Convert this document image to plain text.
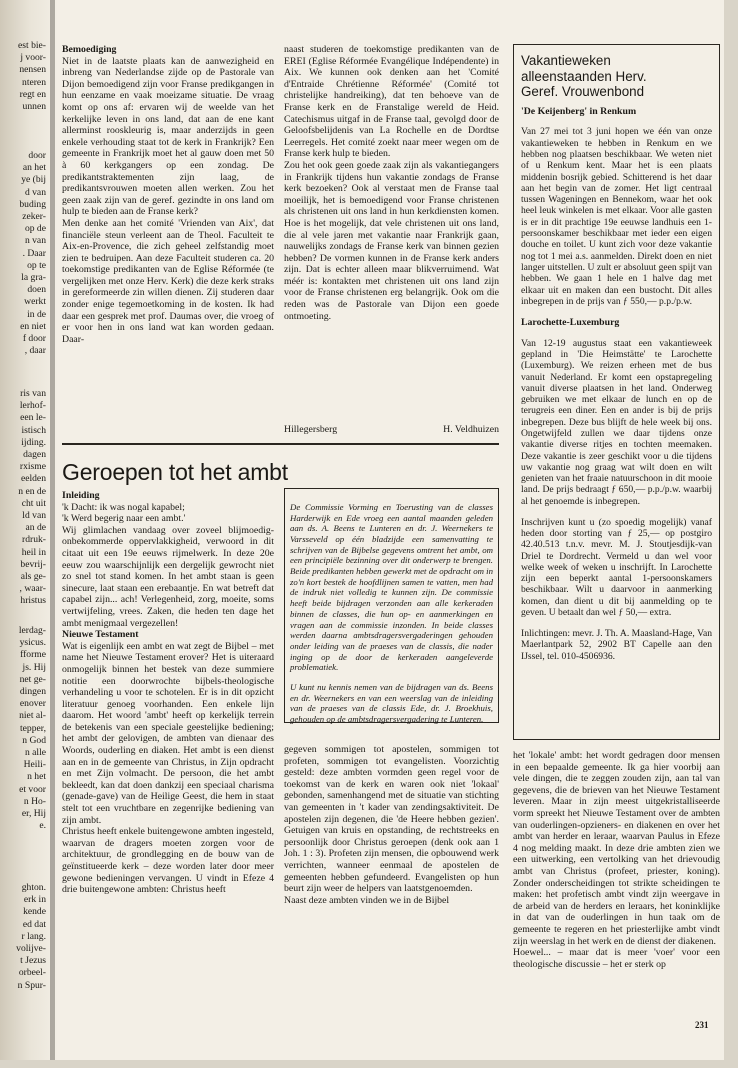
est bie-
j voor-
nensen
nteren
regt en
unnen
door
an het
ye (bij
d van
buding
zeker-
op de
n van
. Daar
op te
la gra-
doen
werkt
in de
en niet
f door
, daar
ris van
lerhof-
een le-
istisch
ijding.
dagen
rxisme
eelden
n en de
cht uit
ld van
an de
rdruk-
heil in
bevrij-
als ge-
, waar-
hristus
lerdag-
ysicus.
fforme
js. Hij
net ge-
dingen
enover
niet al-
tepper,
n God
n alle
Heili-
n het
et voor
n Ho-
er, Hij
e.
ghton.
erk in
kende
ed dat
r lang.
volijve-
t Jezus
orbeel-
n Spur-

Bemoediging

Niet in de laatste plaats kan de aanwezigheid en inbreng van Nederlandse zijde op de Pastorale van Dijon bemoedigend zijn voor Franse predikgangen in hun eenzame en vaak moeizame situatie. De vraag komt op ons af: ervaren wij de weelde van het kerkelijke leven in ons land, dat aan de ene kant allerminst rooskleurig is, maar anderzijds in geen enkele verhouding staat tot de kerk in Frankrijk? Een gemeente in Frankrijk moet het al gauw doen met 50 à 60 kerkgangers op een zondag. De predikantstraktementen zijn laag, de predikantsvrouwen moeten allen werken. Zou het geen zaak zijn van de geref. gezindte in ons land om hulp te bieden aan de Franse kerk?

Men denke aan het comité 'Vrienden van Aix', dat financiële steun verleent aan de Theol. Faculteit te Aix-en-Provence, die zich geheel zelfstandig moet zien te bedruipen. Aan deze Faculteit studeren ca. 20 toekomstige predikanten van de Eglise Réformée (te vergelijken met onze Herv. Kerk) die deze kerk straks in gereformeerde zin willen dienen. Zij studeren daar zonder enige tegemoetkoming in de kosten. Ik had daar een gesprek met prof. Daumas over, die vroeg of er voor hen in ons land wat kan worden gedaan. Daar-

naast studeren de toekomstige predikanten van de EREI (Eglise Réformée Evangélique Indépendente) in Aix. We kunnen ook denken aan het 'Comité d'Entraide Chrétienne Réformée' (Comité tot christelijke handreiking), dat ten behoeve van de Franse kerk en de Franstalige wereld de Heid. Catechismus uitgaf in de Franse taal, gevolgd door de Geloofsbelijdenis van La Rochelle en de Dordtse Leerregels. Het comité zoekt naar meer wegen om de Franse kerk hulp te bieden.

Zou het ook geen goede zaak zijn als vakantiegangers in Frankrijk tijdens hun vakantie zondags de Franse kerk bezoeken? Ook al verstaat men de Franse taal moeilijk, het is bemoedigend voor Franse christenen als christenen uit ons land in hun kerkdiensten komen. Hoe is het mogelijk, dat vele christenen uit ons land, die al vele jaren met vakantie naar Frankrijk gaan, nauwelijks zondags de Franse kerk van binnen gezien hebben? De vormen kunnen in de Franse kerk anders zijn. Dat is echter alleen maar blikverruimend. Wat méér is: kontakten met christenen uit ons land zijn voor de Franse christenen erg belangrijk. Ook om die reden was de Pastorale van Dijon een goede ontmoeting.

Hillegersberg	H. Veldhuizen
Vakantieweken
alleenstaanden Herv.
Geref. Vrouwenbond

'De Keijenberg' in Renkum

Van 27 mei tot 3 juni hopen we één van onze vakantieweken te hebben in Renkum en we hebben nog plaatsen beschikbaar. We weten niet of u Renkum kent. Maar het is een plaats middenin bosrijk gebied. Schitterend is het daar aan het begin van de zomer. Het ligt centraal tussen Wageningen en Bennekom, waar het ook heel leuk winkelen is met elkaar. Voor alle gasten is er in dit prachtige 19e eeuwse landhuis een 1-persoonskamer beschikbaar met ieder een eigen douche en toilet. U kunt zich voor deze vakantie nog tot 1 mei a.s. aanmelden. Direkt doen en niet langer uitstellen. U zult er absoluut geen spijt van hebben. We gaan 1 hele en 1 halve dag met elkaar uit en maken dan een bustocht. Dit alles inbegrepen in de prijs van ƒ 550,— p.p./p.w.

Larochette-Luxemburg

Van 12-19 augustus staat een vakantieweek gepland in 'Die Heimstätte' te Larochette (Luxemburg). We reizen erheen met de bus vanuit Nederland. Er komt een opstapregeling vanuit diverse plaatsen in het land. Onderweg gebruiken we met elkaar de lunch en op de terugreis een diner. Een en ander is bij de prijs inbegrepen. Deze bus blijft de hele week bij ons. Ongetwijfeld zullen we daar tijdens onze vakantie diverse ritjes en tochten meemaken. Deze vakantie is zeer geschikt voor u die tijdens uw vakantie nog graag wat wilt doen en wilt genieten van het fraaie natuurschoon in dit mooie land. De prijs bedraagt ƒ 650,— p.p./p.w. waarbij al het genoemde is inbegrepen.

Inschrijven kunt u (zo spoedig mogelijk) vanaf heden door storting van ƒ 25,— op postgiro 42.40.513 t.n.v. mevr. M. J. Stoutjesdijk-van Driel te Dordrecht. Vermeld u dan wel voor welke week of weken u inschrijft. In Larochette zijn een beperkt aantal 1-persoonskamers beschikbaar. Wilt u daarvoor in aanmerking komen, dan dient u dit bij aanmelding op te geven. U betaalt dan wel ƒ 50,— extra.

Inlichtingen: mevr. J. Th. A. Maasland-Hage, Van Maerlantpark 52, 2902 BT Capelle aan den IJssel, tel. 010-4506936.

Geroepen tot het ambt

Inleiding

'k Dacht: ik was nogal kapabel;

'k Werd begerig naar een ambt.'

Wij glimlachen vandaag over zoveel blijmoedig-onbekommerde oppervlakkigheid, verwoord in dit citaat uit een 19e eeuws rijmelwerk. In deze 20e eeuw zou waarschijnlijk een dergelijk gewrocht niet zo snel tot stand komen. In het ambt staan is geen sinecure, laat staan een erebaantje. En wat betreft dat capabel zijn... ach! Verlegenheid, zorg, moeite, soms vertwijfeling, vrees. Zaken, die heden ten dage het ambt menigmaal vergezellen!

Nieuwe Testament

Wat is eigenlijk een ambt en wat zegt de Bijbel – met name het Nieuwe Testament erover? Het is uiteraard onmogelijk binnen het bestek van deze summiere notitie een doorwrochte bijbels-theologische verhandeling u voor te schotelen. Er is in dit opzicht literatuur genoeg voorhanden. Een enkele lijn daarom. Het woord 'ambt' heeft op kerkelijk terrein de betekenis van een speciale geestelijke bediening; het ambt der gelovigen, de ambten van dienaar des Woords, ouderling en diaken. Het ambt is een dienst aan en in de gemeente van Christus, in Zijn opdracht en met Zijn volmacht. De persoon, die het ambt bekleedt, kan dat doen dankzij een speciaal charisma (genade-gave) van de Heilige Geest, die hem in staat stelt tot een vruchtbare en zegenrijke bediening van zijn ambt.

Christus heeft enkele buitengewone ambten ingesteld, waarvan de dragers moeten zorgen voor de architektuur, de grondlegging en de bouw van de geïnstitueerde kerk – deze worden later door meer gewone bedieningen vervangen. U vindt in Efeze 4 drie buitengewone ambten: Christus heeft

De Commissie Vorming en Toerusting van de classes Harderwijk en Ede vroeg een aantal maanden geleden aan ds. A. Beens te Lunteren en dr. J. Weernekers te Varsseveld op één bladzijde een samenvatting te schrijven van de Bijbelse gegevens omtrent het ambt, om een principiële bezinning over dit onderwerp te brengen. Beide predikanten hebben gewerkt met de opdracht om in zo'n kort bestek de hoofdlijnen samen te vatten, men had de indruk niet volledig te kunnen zijn. De commissie heeft beide bijdragen verzonden aan alle kerkeraden binnen de classes, die hun op- en aanmerkingen en vragen aan de commissie inzonden. In beide classes werden daarna ambtsdragersvergaderingen gehouden onder leiding van de praeses van de classis, die nader inging op de door de kerkeraden aangeleverde problematiek.

U kunt nu kennis nemen van de bijdragen van ds. Beens en dr. Weernekers en van een weerslag van de inleiding van de praeses van de classis Ede, dr. J. Broekhuis, gehouden op de ambtsdragersvergadering te Lunteren.

gegeven sommigen tot apostelen, sommigen tot profeten, sommigen tot evangelisten. Voorzichtig gesteld: deze ambten vormden geen regel voor de toekomst van de kerk en waren ook niet 'lokaal' gebonden, samenhangend met de situatie van stichting van gemeenten in 't kader van zendingsaktiviteit. De apostelen zijn degenen, die 'de Heere hebben gezien'. Getuigen van kruis en opstanding, de rechtstreeks en persoonlijk door Christus geroepen (denk ook aan 1 Joh. 1 : 3). Profeten zijn mensen, die opbouwend werk verrichten, wanneer eenmaal de apostelen de gemeenten hebben gefundeerd. Evangelisten op hun beurt zijn weer de helpers van laatstgenoemden.

Naast deze ambten vinden we in de Bijbel

het 'lokale' ambt: het wordt gedragen door mensen in een bepaalde gemeente. Ik ga hier voorbij aan vele dingen, die te zeggen zouden zijn, aan tal van gegevens, die de brieven van het Nieuwe Testament leveren. Maar in zijn meest uitgekristalliseerde vorm spreekt het Nieuwe Testament over de ambten van ouderlingen-opzieners- en diakenen en over het ambt van herder en leraar, waarvan Paulus in Efeze 4 nog melding maakt. In deze drie ambten zien we een uitwerking, een vertolking van het drievoudig ambt van Christus (profeet, priester, koning). Zonder onderscheidingen tot strikte scheidingen te maken: het profetisch ambt vindt zijn weergave in de arbeid van de herders en leraars, het koninklijke in dat van de ouderlingen in hun taak om de gemeente te regeren en het priesterlijke ambt vindt zijn weerslag in het werk en de dienst der diakenen.

Hoewel... – maar dat is meer 'voer' voor een theologische discussie – het er sterk op

231
